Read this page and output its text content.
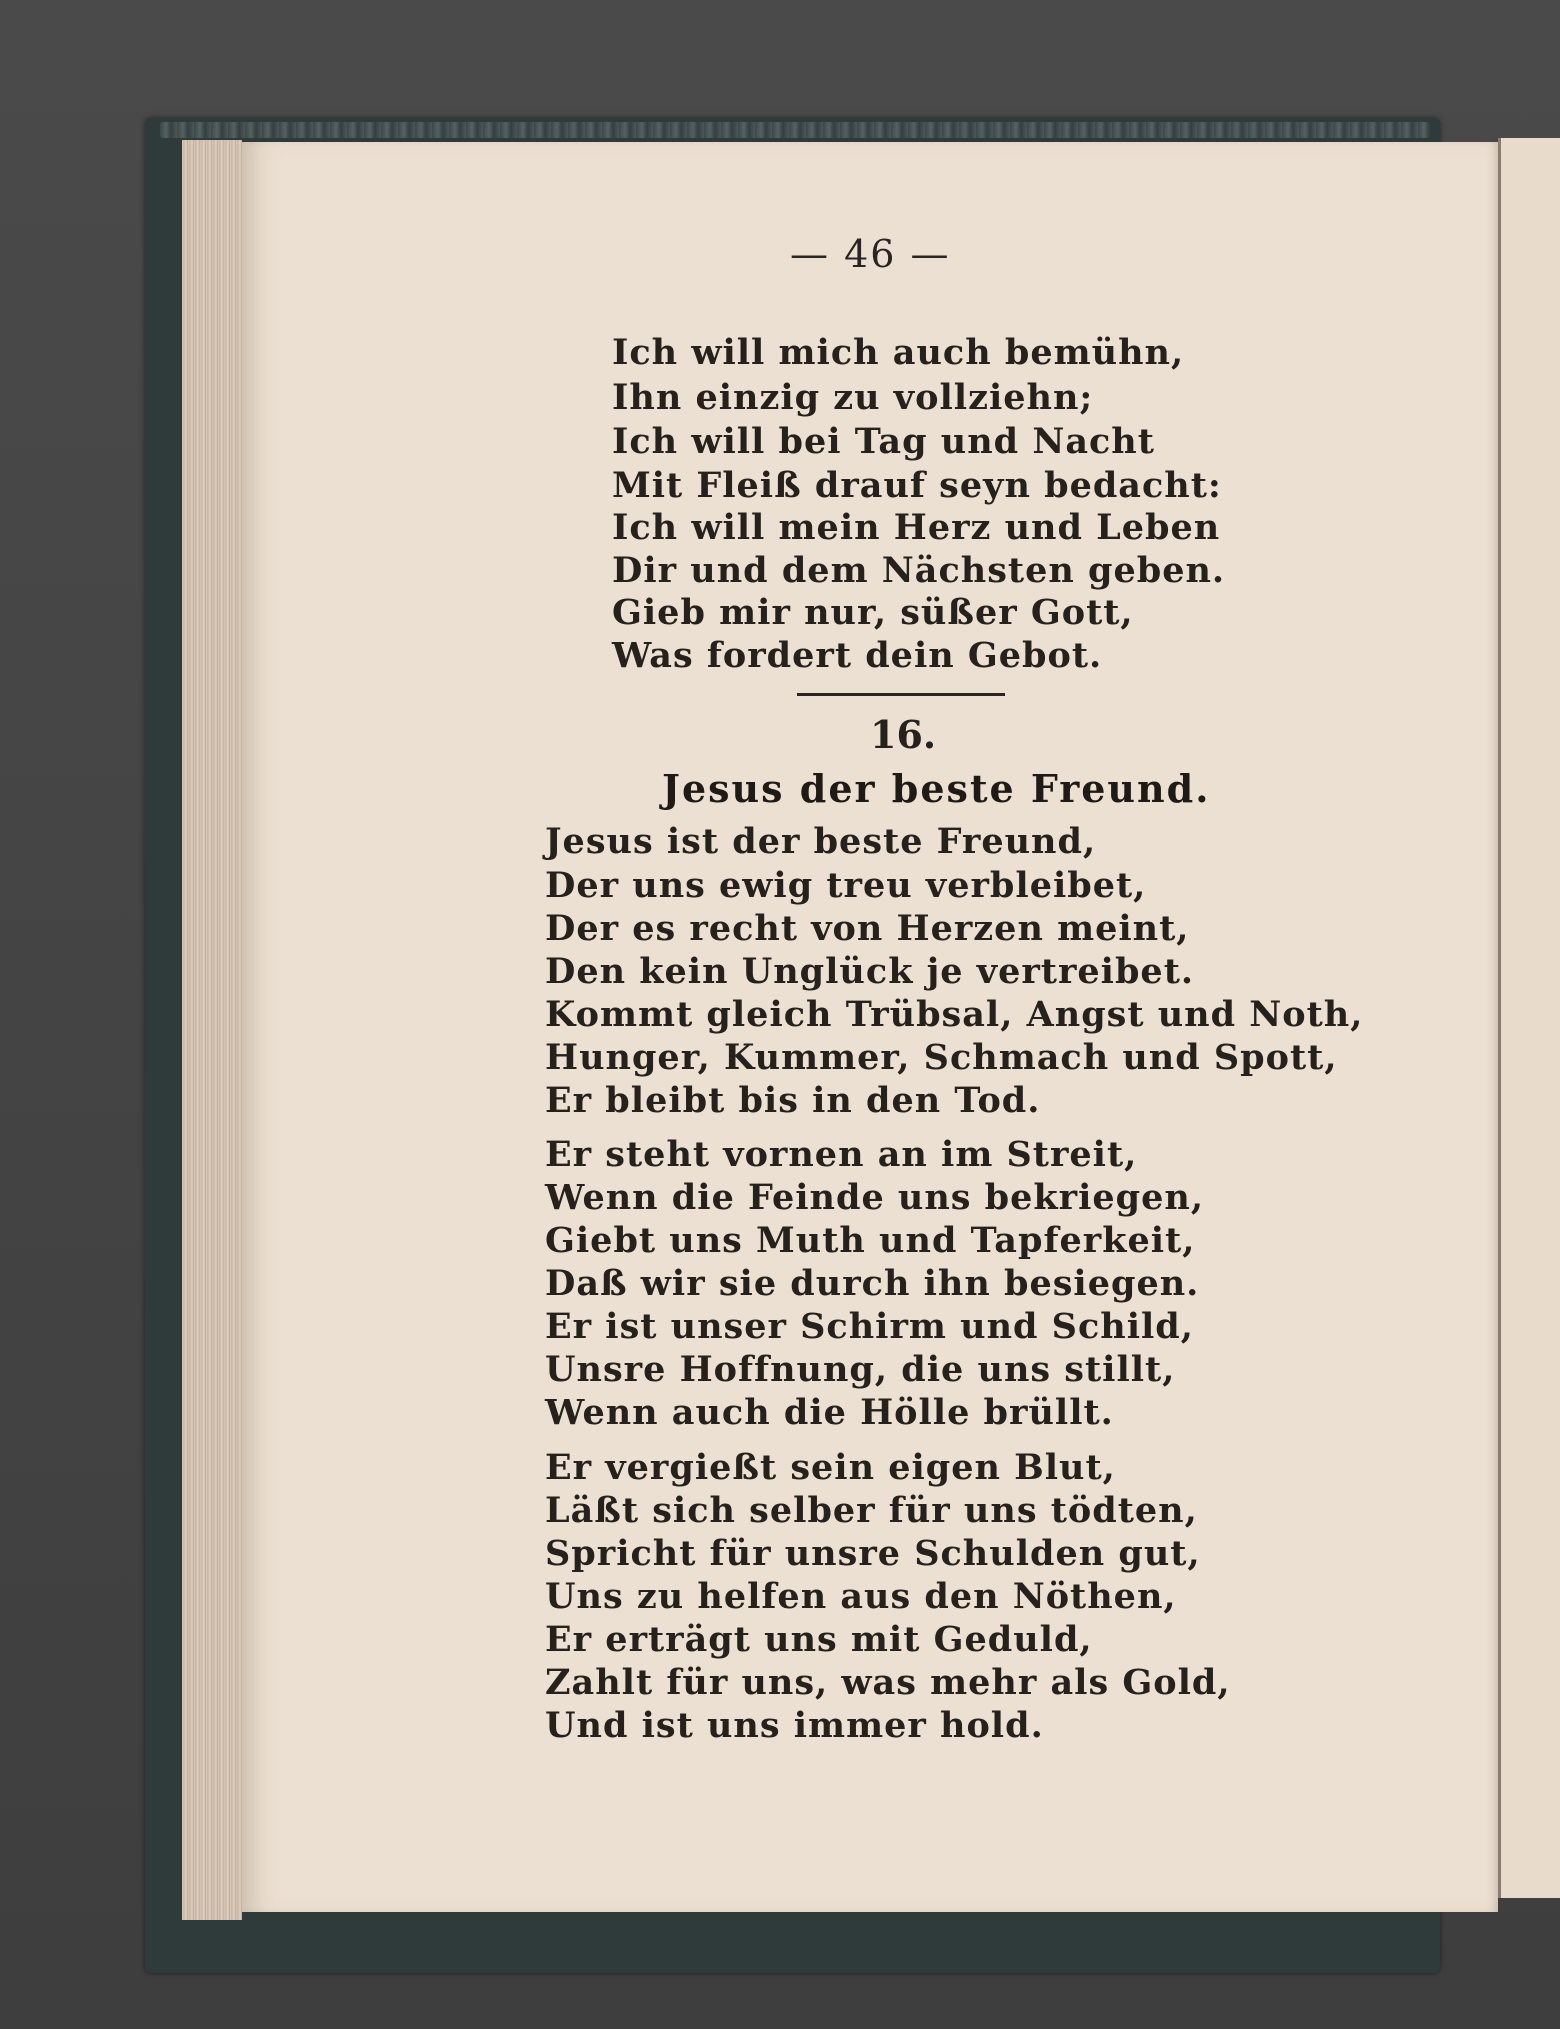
— 46 —
Ich will mich auch bemühn,
Ihn einzig zu vollziehn;
Ich will bei Tag und Nacht
Mit Fleiß drauf seyn bedacht:
Ich will mein Herz und Leben
Dir und dem Nächsten geben.
Gieb mir nur, süßer Gott,
Was fordert dein Gebot.
16.
Jesus der beste Freund.
Jesus ist der beste Freund,
Der uns ewig treu verbleibet,
Der es recht von Herzen meint,
Den kein Unglück je vertreibet.
Kommt gleich Trübsal, Angst und Noth,
Hunger, Kummer, Schmach und Spott,
Er bleibt bis in den Tod.
Er steht vornen an im Streit,
Wenn die Feinde uns bekriegen,
Giebt uns Muth und Tapferkeit,
Daß wir sie durch ihn besiegen.
Er ist unser Schirm und Schild,
Unsre Hoffnung, die uns stillt,
Wenn auch die Hölle brüllt.
Er vergießt sein eigen Blut,
Läßt sich selber für uns tödten,
Spricht für unsre Schulden gut,
Uns zu helfen aus den Nöthen,
Er erträgt uns mit Geduld,
Zahlt für uns, was mehr als Gold,
Und ist uns immer hold.
